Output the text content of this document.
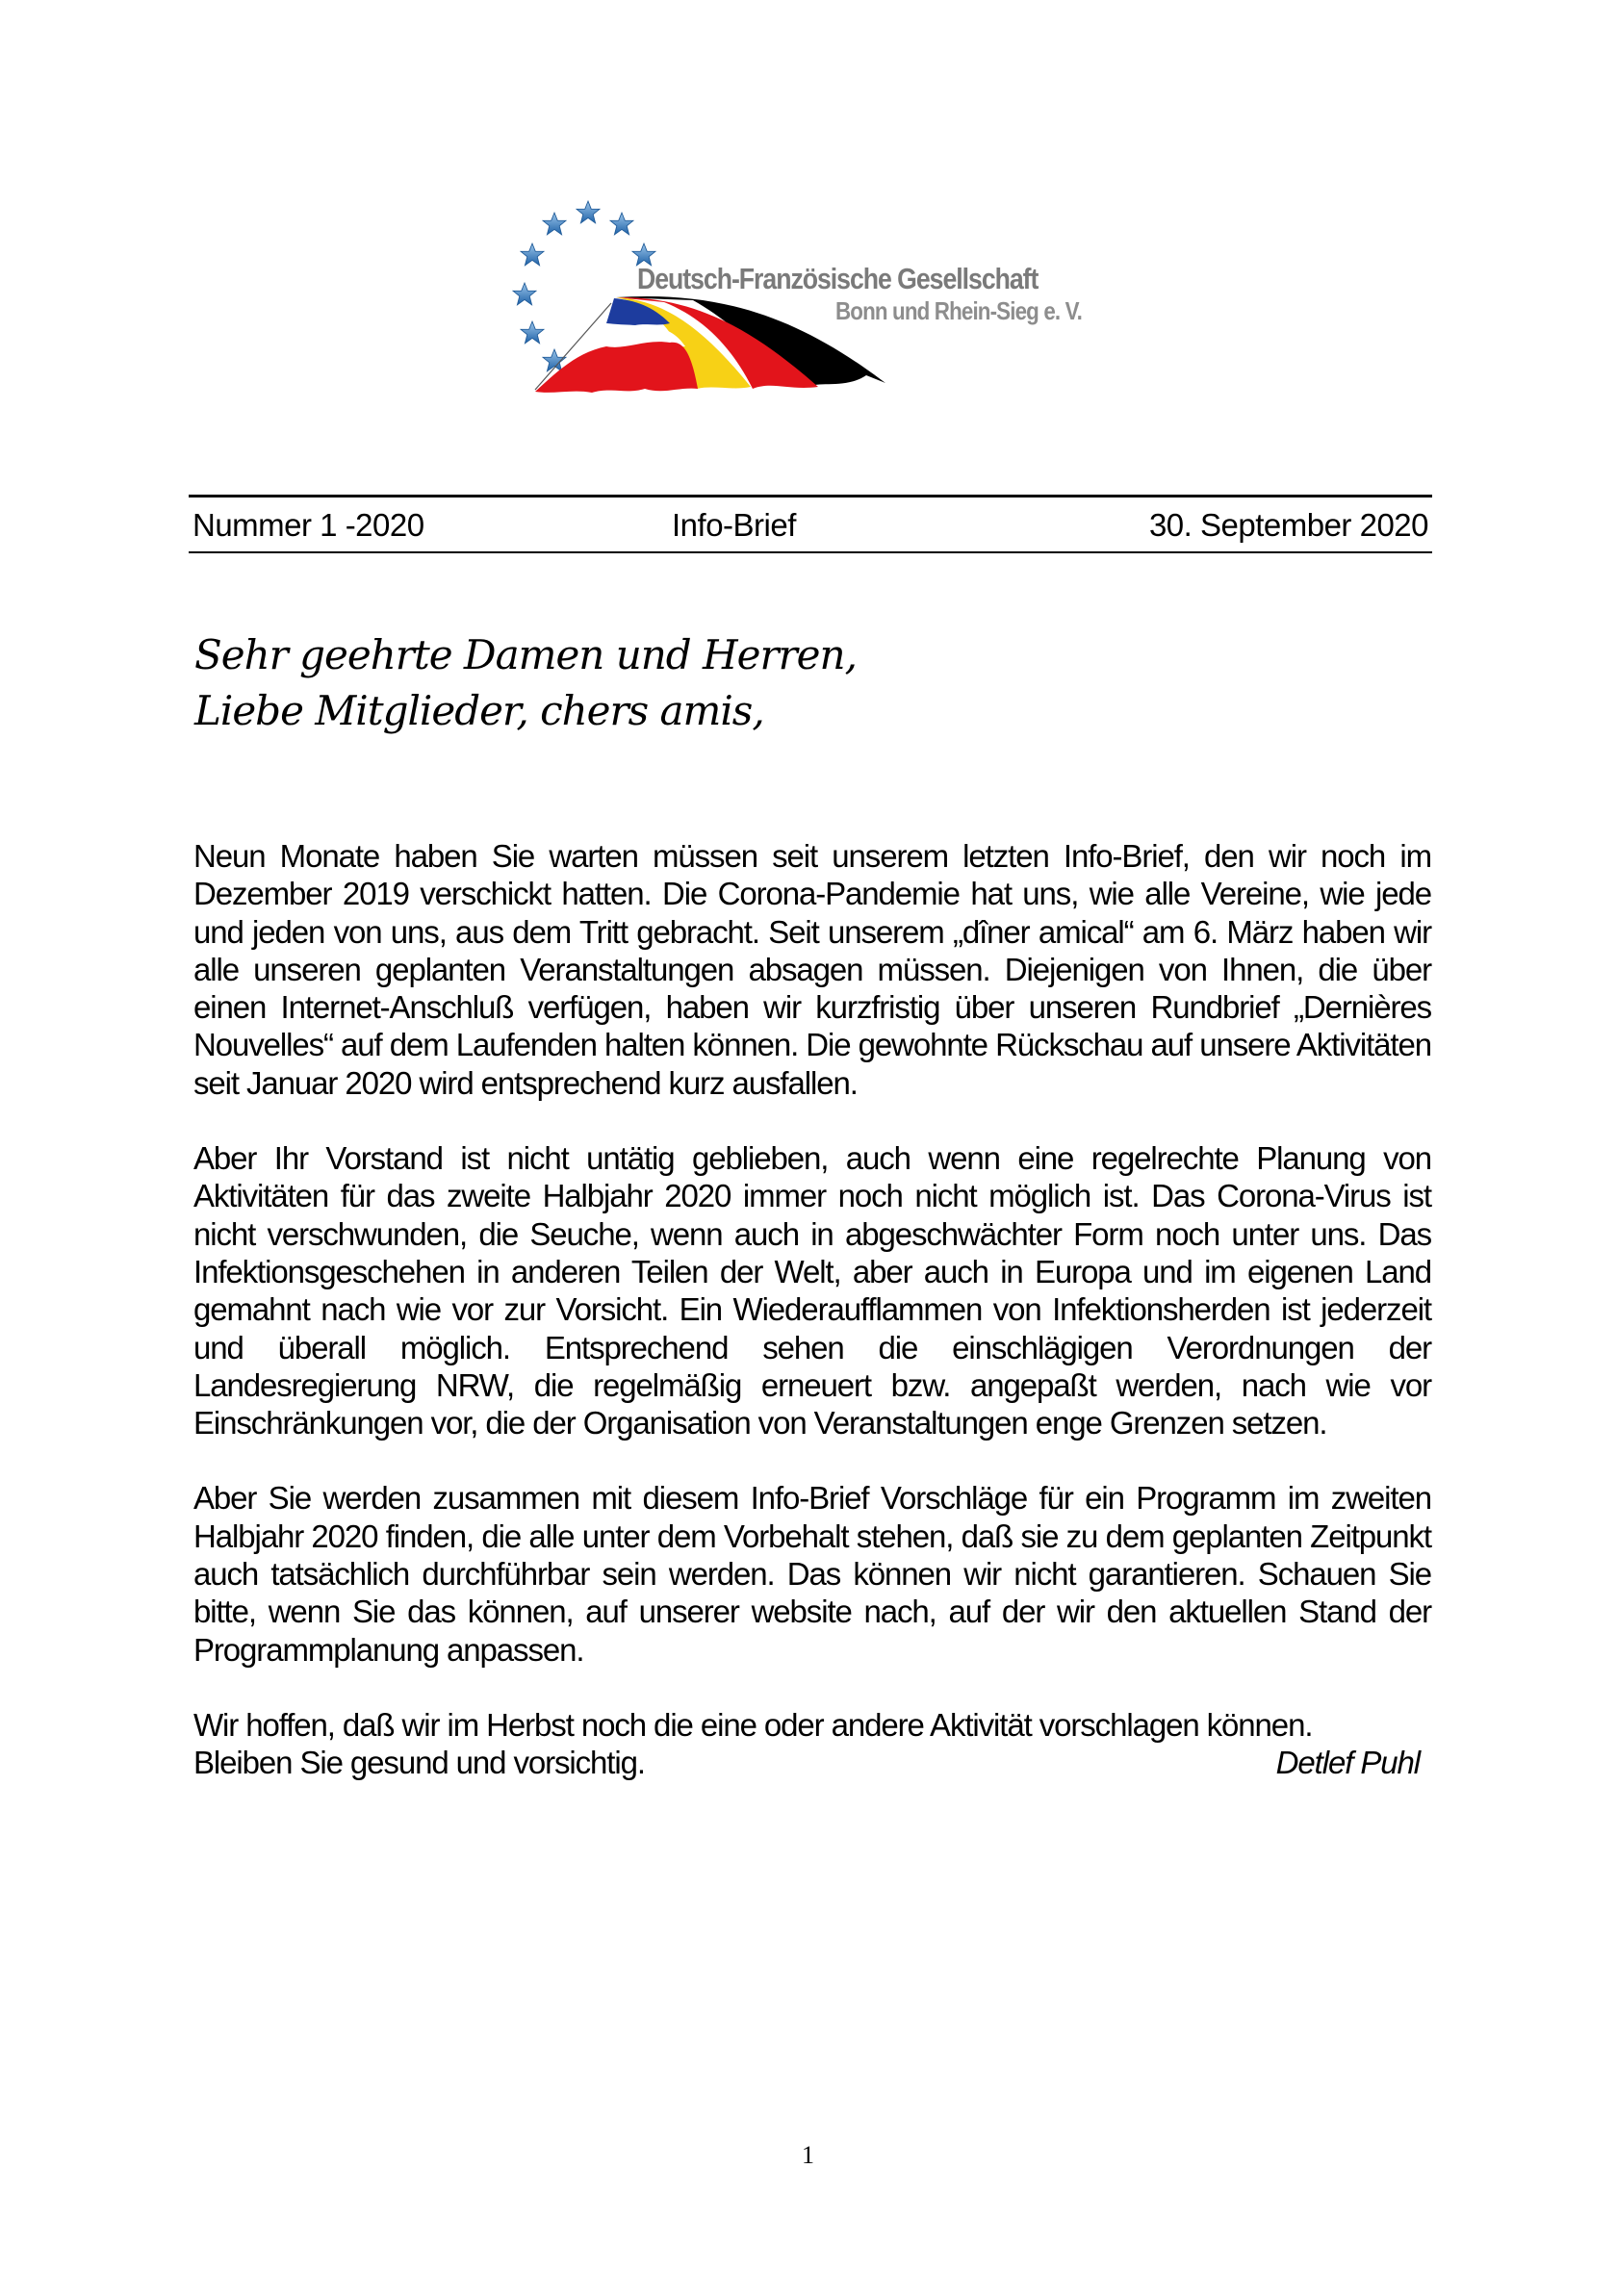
Deutsch-Französische Gesellschaft
Bonn und Rhein-Sieg e. V.
Nummer 1 -2020	Info-Brief	30. September 2020
Sehr geehrte Damen und Herren,
Liebe Mitglieder, chers amis,

Neun Monate haben Sie warten müssen seit unserem letzten Info-Brief, den wir noch im Dezember 2019 verschickt hatten. Die Corona-Pandemie hat uns, wie alle Vereine, wie jede und jeden von uns, aus dem Tritt gebracht. Seit unserem „dîner amical“ am 6. März haben wir alle unseren geplanten Veranstaltungen absagen müssen. Diejenigen von Ihnen, die über einen Internet-Anschluß verfügen, haben wir kurzfristig über unseren Rundbrief „Dernières Nouvelles“ auf dem Laufenden halten können. Die gewohnte Rückschau auf unsere Aktivitäten seit Januar 2020 wird entsprechend kurz ausfallen.

Aber Ihr Vorstand ist nicht untätig geblieben, auch wenn eine regelrechte Planung von Aktivitäten für das zweite Halbjahr 2020 immer noch nicht möglich ist. Das Corona-Virus ist nicht verschwunden, die Seuche, wenn auch in abgeschwächter Form noch unter uns. Das Infektionsgeschehen in anderen Teilen der Welt, aber auch in Europa und im eigenen Land gemahnt nach wie vor zur Vorsicht. Ein Wiederaufflammen von Infektionsherden ist jederzeit und überall möglich. Entsprechend sehen die einschlägigen Verordnungen der Landesregierung NRW, die regelmäßig erneuert bzw. angepaßt werden, nach wie vor Einschränkungen vor, die der Organisation von Veranstaltungen enge Grenzen setzen.

Aber Sie werden zusammen mit diesem Info-Brief Vorschläge für ein Programm im zweiten Halbjahr 2020 finden, die alle unter dem Vorbehalt stehen, daß sie zu dem geplanten Zeitpunkt auch tatsächlich durchführbar sein werden. Das können wir nicht garantieren. Schauen Sie bitte, wenn Sie das können, auf unserer website nach, auf der wir den aktuellen Stand der Programmplanung anpassen.

Wir hoffen, daß wir im Herbst noch die eine oder andere Aktivität vorschlagen können.
Bleiben Sie gesund und vorsichtig.	Detlef Puhl
1
